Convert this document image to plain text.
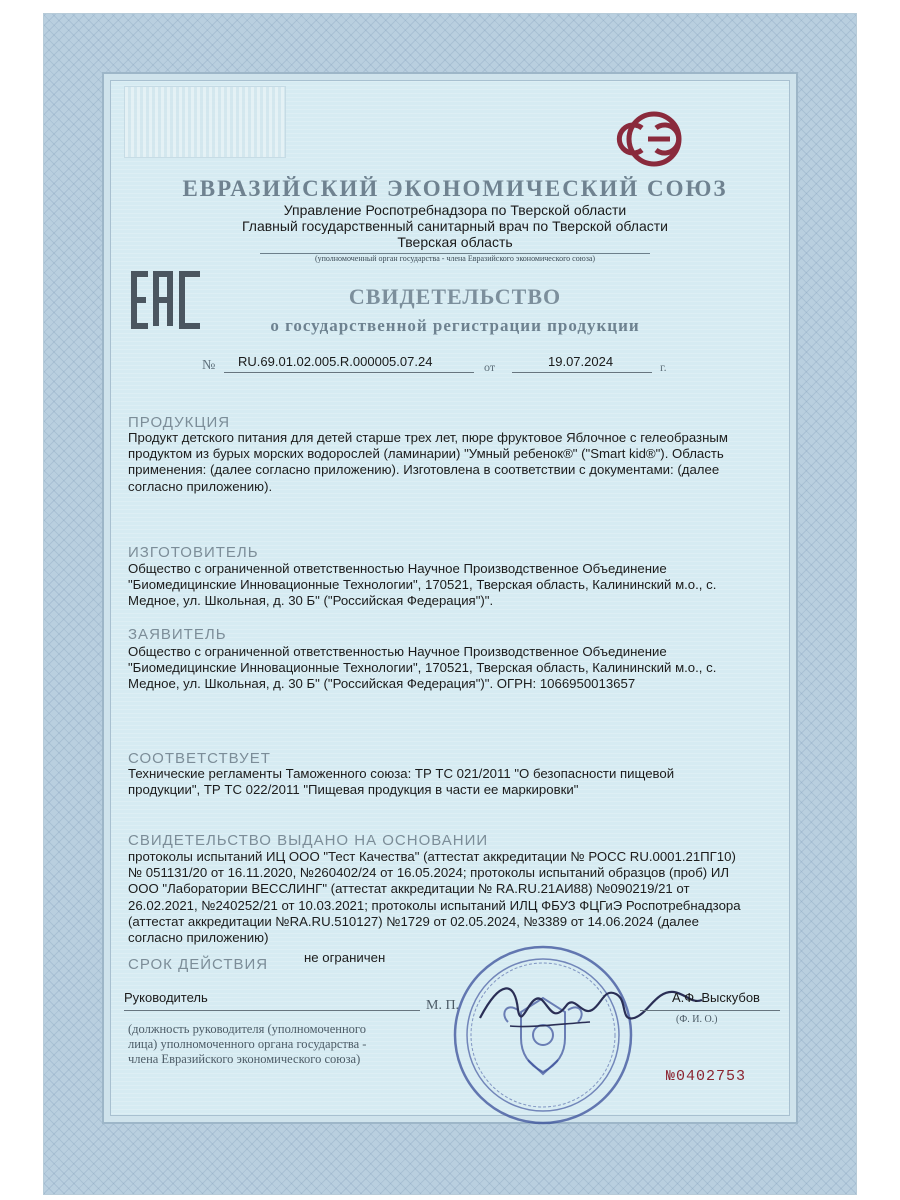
ЕВРАЗИЙСКИЙ ЭКОНОМИЧЕСКИЙ СОЮЗ
Управление Роспотребнадзора по Тверской области
Главный государственный санитарный врач по Тверской области
Тверская область
(уполномоченный орган государства - члена Евразийского экономического союза)
EAC
СВИДЕТЕЛЬСТВО
о государственной регистрации продукции
№ RU.69.01.02.005.R.000005.07.24	от	19.07.2024	г.
ПРОДУКЦИЯ
Продукт детского питания для детей старше трех лет, пюре фруктовое Яблочное с гелеобразным
продуктом из бурых морских водорослей (ламинарии) "Умный ребенок®" ("Smart kid®"). Область
применения: (далее согласно приложению). Изготовлена в соответствии с документами: (далее
согласно приложению).
ИЗГОТОВИТЕЛЬ
Общество с ограниченной ответственностью Научное Производственное Объединение
"Биомедицинские Инновационные Технологии", 170521, Тверская область, Калининский м.о., с.
Медное, ул. Школьная, д. 30 Б" ("Российская Федерация")".
ЗАЯВИТЕЛЬ
Общество с ограниченной ответственностью Научное Производственное Объединение
"Биомедицинские Инновационные Технологии", 170521, Тверская область, Калининский м.о., с.
Медное, ул. Школьная, д. 30 Б" ("Российская Федерация")". ОГРН: 1066950013657
СООТВЕТСТВУЕТ
Технические регламенты Таможенного союза: ТР ТС 021/2011 "О безопасности пищевой
продукции", ТР ТС 022/2011 "Пищевая продукция в части ее маркировки"
СВИДЕТЕЛЬСТВО ВЫДАНО НА ОСНОВАНИИ
протоколы испытаний ИЦ ООО "Тест Качества" (аттестат аккредитации № РОСС RU.0001.21ПГ10)
№ 051131/20 от 16.11.2020, №260402/24 от 16.05.2024; протоколы испытаний образцов (проб) ИЛ
ООО "Лаборатории ВЕССЛИНГ" (аттестат аккредитации № RA.RU.21АИ88) №090219/21 от
26.02.2021, №240252/21 от 10.03.2021; протоколы испытаний ИЛЦ ФБУЗ ФЦГиЭ Роспотребнадзора
(аттестат аккредитации №RA.RU.510127) №1729 от 02.05.2024, №3389 от 14.06.2024 (далее
согласно приложению)
СРОК ДЕЙСТВИЯ	не ограничен
Руководитель
М. П.
А.Ф. Выскубов
(Ф. И. О.)
(должность руководителя (уполномоченного
лица) уполномоченного органа государства -
члена Евразийского экономического союза)
№0402753
